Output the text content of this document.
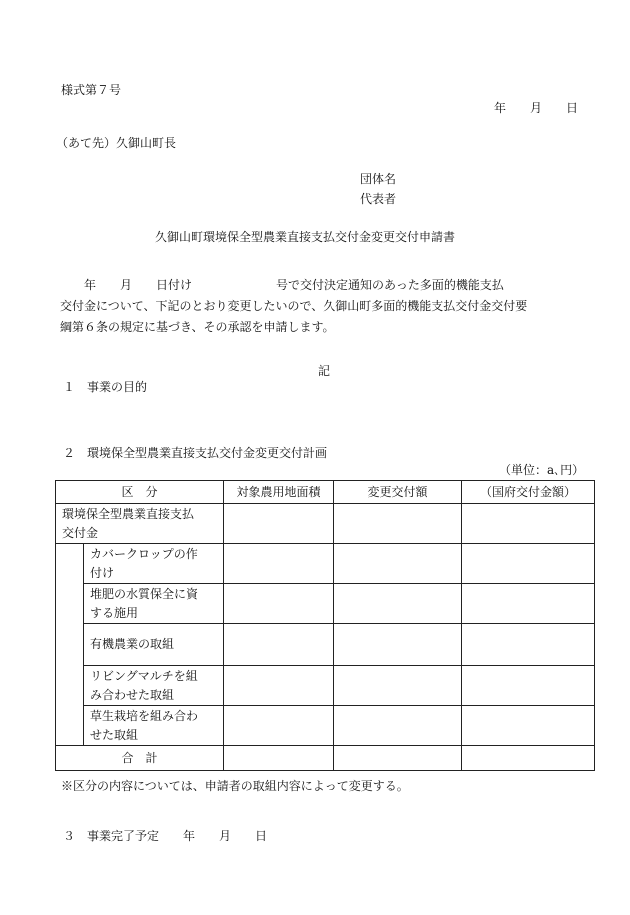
様式第７号
年　　月　　日
（あて先）久御山町長
団体名
代表者
久御山町環境保全型農業直接支払交付金変更交付申請書
　　年　　月　　日付け　　　　　　　号で交付決定通知のあった多面的機能支払
交付金について、下記のとおり変更したいので、久御山町多面的機能支払交付金交付要
綱第６条の規定に基づき、その承認を申請します。
記
１　事業の目的
２　環境保全型農業直接支払交付金変更交付計画
（単位：a､円）
区　分		対象農用地面積	変更交付額	（国府交付金額）

環境保全型農業直接支払
交付金				

	カバークロップの作
付け			

	堆肥の水質保全に資
する施用			

	有機農業の取組			

	リビングマルチを組
み合わせた取組			

	草生栽培を組み合わ
せた取組			

合　計				
※区分の内容については、申請者の取組内容によって変更する。
３　事業完了予定　　年　　月　　日
